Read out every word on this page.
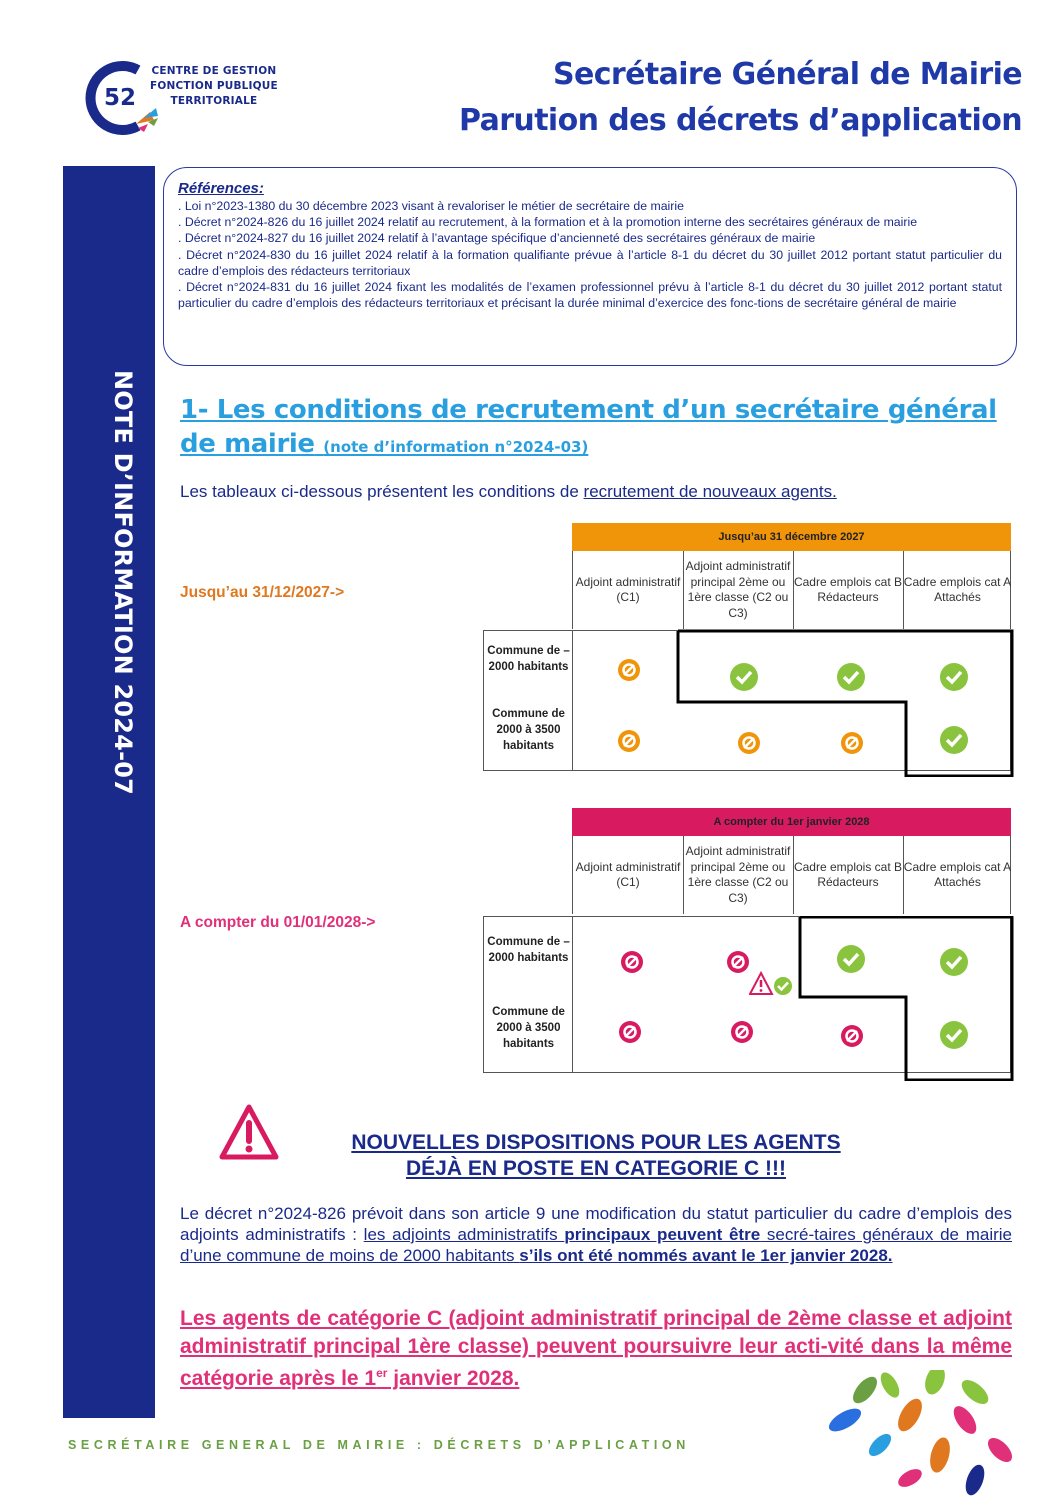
52
CENTRE DE GESTION
FONCTION PUBLIQUE
TERRITORIALE
Secrétaire Général de Mairie
Parution des décrets d’application
NOTE D’INFORMATION 2024-07
Références:
. Loi n°2023-1380 du 30 décembre 2023 visant à revaloriser le métier de secrétaire de mairie
. Décret n°2024-826 du 16 juillet 2024 relatif au recrutement, à la formation et à la promotion interne des secrétaires généraux de mairie
. Décret n°2024-827 du 16 juillet 2024 relatif à l’avantage spécifique d’ancienneté des secrétaires généraux de mairie
. Décret n°2024-830 du 16 juillet 2024 relatif à la formation qualifiante prévue à l’article 8-1 du décret du 30 juillet 2012 portant statut particulier du cadre d’emplois des rédacteurs territoriaux
. Décret n°2024-831 du 16 juillet 2024 fixant les modalités de l’examen professionnel prévu à l’article 8-1 du décret du 30 juillet 2012 portant statut particulier du cadre d’emplois des rédacteurs territoriaux et précisant la durée minimal d’exercice des fonc-tions de secrétaire général de mairie
1- Les conditions de recrutement d’un secrétaire général de mairie (note d’information n°2024-03)
Les tableaux ci-dessous présentent les conditions de recrutement de nouveaux agents.
Jusqu’au 31/12/2027->
Jusqu’au 31 décembre 2027
Adjoint administratif (C1)
Adjoint administratif principal 2ème ou 1ère classe (C2 ou C3)
Cadre emplois cat B Rédacteurs
Cadre emplois cat A Attachés
Commune de – 2000 habitants
Commune de 2000 à 3500 habitants
A compter du 01/01/2028->
A compter du 1er janvier 2028
Adjoint administratif (C1)
Adjoint administratif principal 2ème ou 1ère classe (C2 ou C3)
Cadre emplois cat B Rédacteurs
Cadre emplois cat A Attachés
Commune de – 2000 habitants
Commune de 2000 à 3500 habitants
NOUVELLES DISPOSITIONS POUR LES AGENTS
DÉJÀ EN POSTE EN CATEGORIE C !!!
Le décret n°2024-826 prévoit dans son article 9 une modification du statut particulier du cadre d’emplois des adjoints administratifs : les adjoints administratifs principaux peuvent être secré-taires généraux de mairie d’une commune de moins de 2000 habitants s’ils ont été nommés avant le 1er janvier 2028.
Les agents de catégorie C (adjoint administratif principal de 2ème classe et adjoint administratif principal 1ère classe) peuvent poursuivre leur acti-vité dans la même catégorie après le 1er janvier 2028.
SECRÉTAIRE GENERAL DE MAIRIE : DÉCRETS D’APPLICATION
